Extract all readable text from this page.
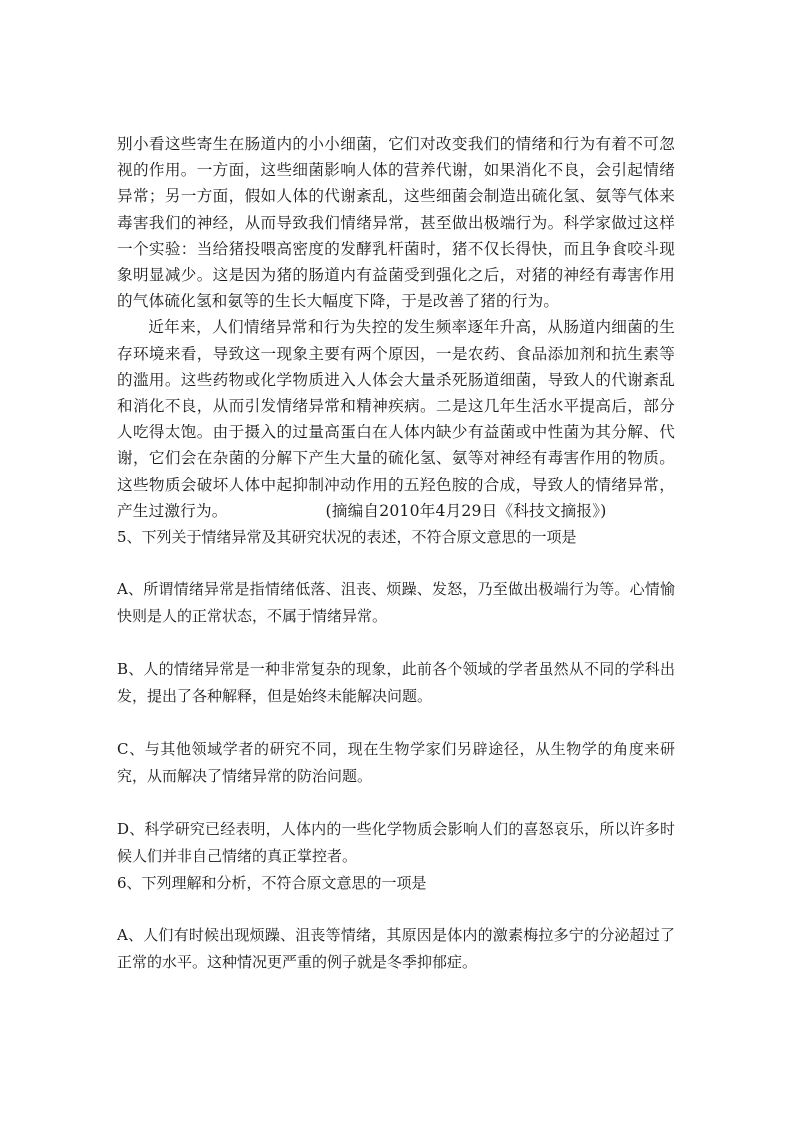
别小看这些寄生在肠道内的小小细菌，它们对改变我们的情绪和行为有着不可忽视的作用。一方面，这些细菌影响人体的营养代谢，如果消化不良，会引起情绪异常；另一方面，假如人体的代谢紊乱，这些细菌会制造出硫化氢、氨等气体来毒害我们的神经，从而导致我们情绪异常，甚至做出极端行为。科学家做过这样一个实验：当给猪投喂高密度的发酵乳杆菌时，猪不仅长得快，而且争食咬斗现象明显减少。这是因为猪的肠道内有益菌受到强化之后，对猪的神经有毒害作用的气体硫化氢和氨等的生长大幅度下降，于是改善了猪的行为。

近年来，人们情绪异常和行为失控的发生频率逐年升高，从肠道内细菌的生存环境来看，导致这一现象主要有两个原因，一是农药、食品添加剂和抗生素等的滥用。这些药物或化学物质进入人体会大量杀死肠道细菌，导致人的代谢紊乱和消化不良，从而引发情绪异常和精神疾病。二是这几年生活水平提高后，部分人吃得太饱。由于摄入的过量高蛋白在人体内缺少有益菌或中性菌为其分解、代谢，它们会在杂菌的分解下产生大量的硫化氢、氨等对神经有毒害作用的物质。这些物质会破坏人体中起抑制冲动作用的五羟色胺的合成，导致人的情绪异常，产生过激行为。	(摘编自2010年4月29日《科技文摘报》)

5、下列关于情绪异常及其研究状况的表述，不符合原文意思的一项是

A、所谓情绪异常是指情绪低落、沮丧、烦躁、发怒，乃至做出极端行为等。心情愉快则是人的正常状态，不属于情绪异常。

B、人的情绪异常是一种非常复杂的现象，此前各个领域的学者虽然从不同的学科出发，提出了各种解释，但是始终未能解决问题。

C、与其他领域学者的研究不同，现在生物学家们另辟途径，从生物学的角度来研究，从而解决了情绪异常的防治问题。

D、科学研究已经表明，人体内的一些化学物质会影响人们的喜怒哀乐，所以许多时候人们并非自己情绪的真正掌控者。

6、下列理解和分析，不符合原文意思的一项是

A、人们有时候出现烦躁、沮丧等情绪，其原因是体内的激素梅拉多宁的分泌超过了正常的水平。这种情况更严重的例子就是冬季抑郁症。
